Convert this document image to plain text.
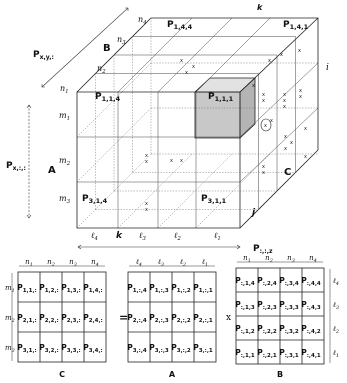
x
x
x
x
x
x
x
x
x	x x
x
x
x
x
x
x
x
x
x
x
x
x
x
x
x
x
x
x
$P_{1,4,4}$	$P_{1,4,1}$
$P_{1,1,4}$	$P_{1,1,1}$
$P_{3,1,4}$	$P_{3,1,1}$
B
A	C
k
i
j
k
$n_4$
$n_3$
$n_2$
$n_1$
$m_1$
$m_2$
$m_3$
ℓ$_4$	ℓ$_3$	ℓ$_2$	ℓ$_1$
$P_{x,y,:}$
$P_{x,:,:}$
$P_{:,:,z}$
$P_{1,1,:}$ $P_{1,2,:}$ $P_{1,3,:}$ $P_{1,4,:}$
$P_{2,1,:}$ $P_{2,2,:}$ $P_{2,3,:}$ $P_{2,4,:}$
$P_{3,1,:}$ $P_{3,2,:}$ $P_{3,3,:}$ $P_{3,4,:}$
$n_1$ $n_2$ $n_3$ $n_4$
$m_1$
$m_2$
$m_3$
$P_{1,:,4}$ $P_{1,:,3}$ $P_{1,:,2}$ $P_{1,:,1}$
$P_{2,:,4}$ $P_{2,:,3}$ $P_{2,:,2}$ $P_{2,:,1}$
$P_{3,:,4}$ $P_{3,:,3}$ $P_{3,:,2}$ $P_{3,:,1}$
ℓ$_4$ ℓ$_3$ ℓ$_2$ ℓ$_1$
$P_{:,1,4}$ $P_{:,2,4}$ $P_{:,3,4}$ $P_{:,4,4}$
$P_{:,1,3}$ $P_{:,2,3}$ $P_{:,3,3}$ $P_{:,4,3}$
$P_{:,1,2}$ $P_{:,2,2}$ $P_{:,3,2}$ $P_{:,4,2}$
$P_{:,1,1}$ $P_{:,2,1}$ $P_{:,3,1}$ $P_{:,4,1}$
$n_1$ $n_2$ $n_3$ $n_4$
ℓ$_4$
ℓ$_3$
ℓ$_2$
ℓ$_1$
=	x
C	A	B
